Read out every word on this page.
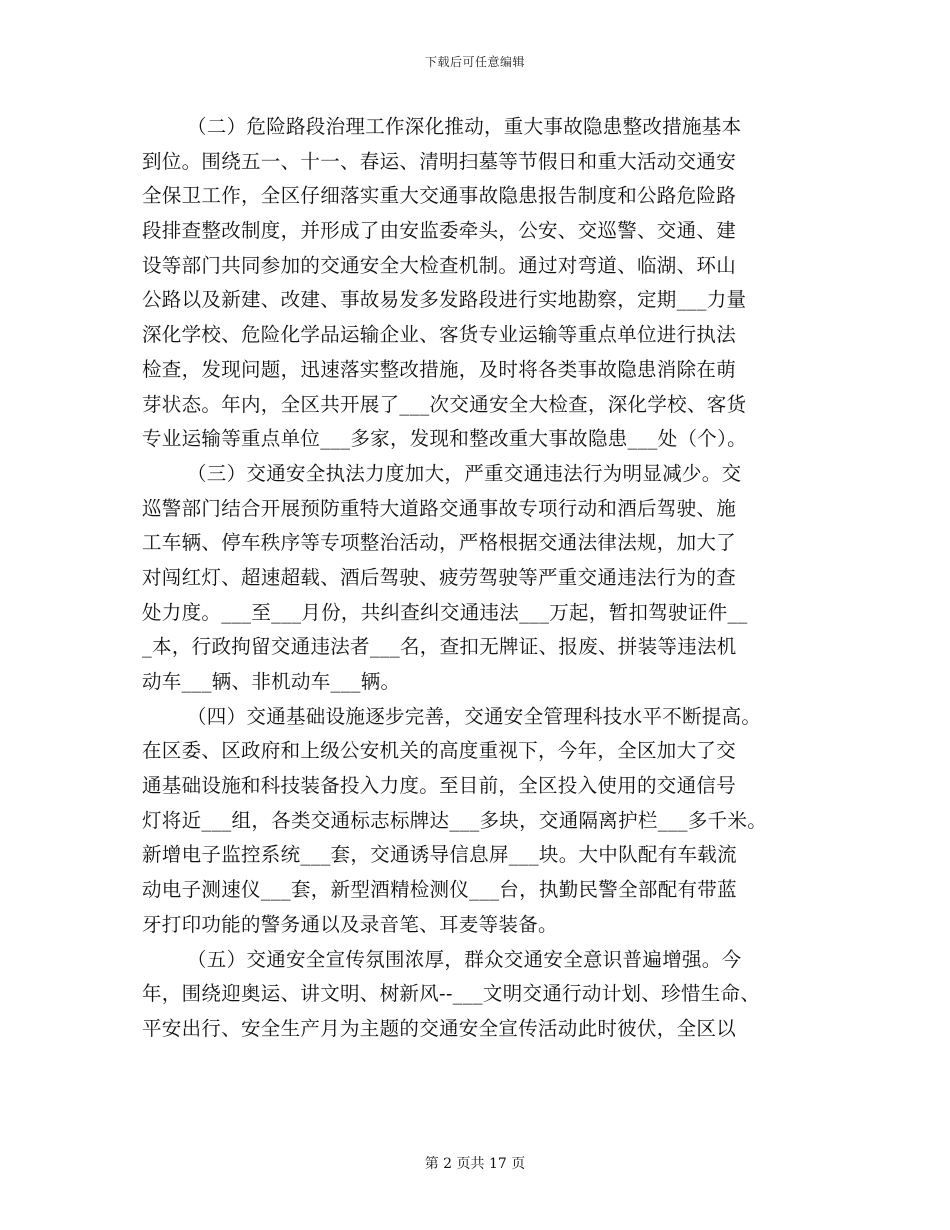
下载后可任意编辑
（二）危险路段治理工作深化推动，重大事故隐患整改措施基本
到位。围绕五一、十一、春运、清明扫墓等节假日和重大活动交通安
全保卫工作，全区仔细落实重大交通事故隐患报告制度和公路危险路
段排查整改制度，并形成了由安监委牵头，公安、交巡警、交通、建
设等部门共同参加的交通安全大检查机制。通过对弯道、临湖、环山
公路以及新建、改建、事故易发多发路段进行实地勘察，定期___力量
深化学校、危险化学品运输企业、客货专业运输等重点单位进行执法
检查，发现问题，迅速落实整改措施，及时将各类事故隐患消除在萌
芽状态。年内，全区共开展了___次交通安全大检查，深化学校、客货
专业运输等重点单位___多家，发现和整改重大事故隐患___处（个）。
（三）交通安全执法力度加大，严重交通违法行为明显减少。交
巡警部门结合开展预防重特大道路交通事故专项行动和酒后驾驶、施
工车辆、停车秩序等专项整治活动，严格根据交通法律法规，加大了
对闯红灯、超速超载、酒后驾驶、疲劳驾驶等严重交通违法行为的查
处力度。___至___月份，共纠查纠交通违法___万起，暂扣驾驶证件__
_本，行政拘留交通违法者___名，查扣无牌证、报废、拼装等违法机
动车___辆、非机动车___辆。
（四）交通基础设施逐步完善，交通安全管理科技水平不断提高。
在区委、区政府和上级公安机关的高度重视下，今年，全区加大了交
通基础设施和科技装备投入力度。至目前，全区投入使用的交通信号
灯将近___组，各类交通标志标牌达___多块，交通隔离护栏___多千米。
新增电子监控系统___套，交通诱导信息屏___块。大中队配有车载流
动电子测速仪___套，新型酒精检测仪___台，执勤民警全部配有带蓝
牙打印功能的警务通以及录音笔、耳麦等装备。
（五）交通安全宣传氛围浓厚，群众交通安全意识普遍增强。今
年，围绕迎奥运、讲文明、树新风--___文明交通行动计划、珍惜生命、
平安出行、安全生产月为主题的交通安全宣传活动此时彼伏，全区以
第 2 页共 17 页
